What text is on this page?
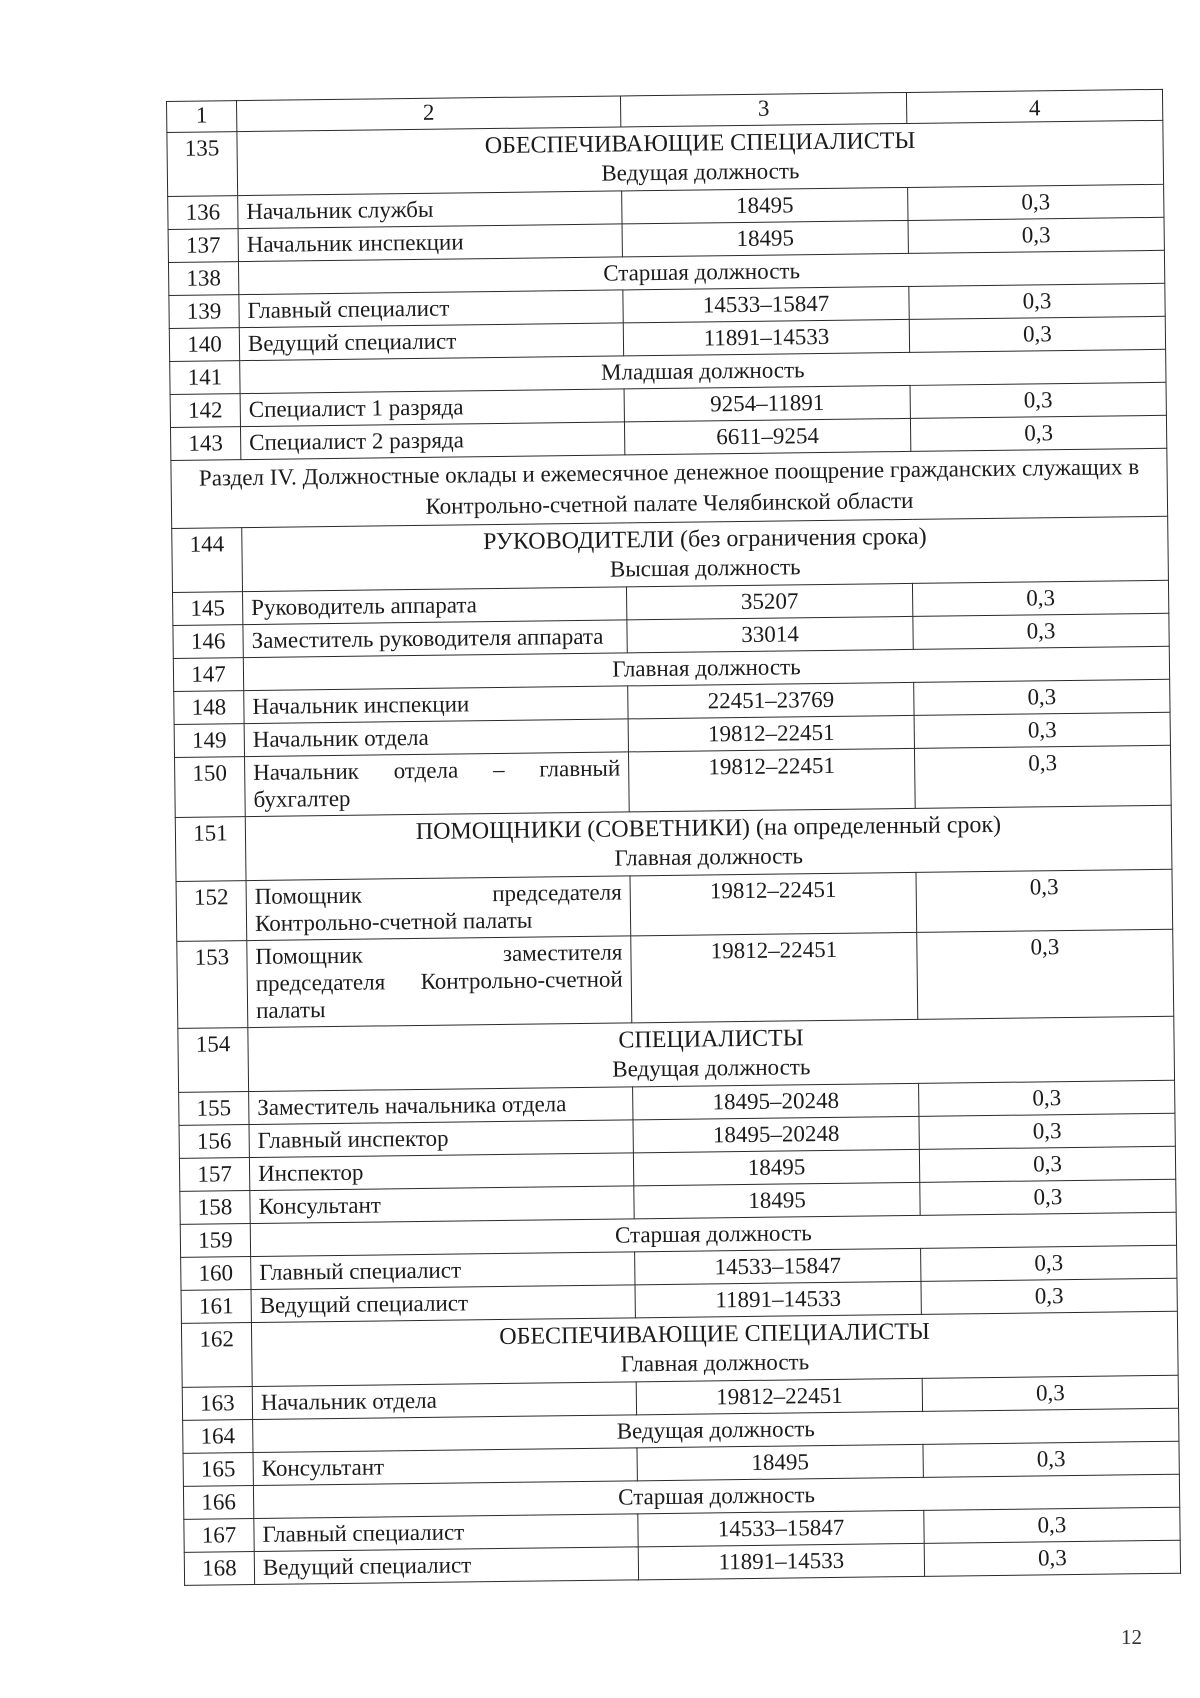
1	2	3	4
135	ОБЕСПЕЧИВАЮЩИЕ СПЕЦИАЛИСТЫ
Ведущая должность		

136	Начальник службы	18495	0,3
137	Начальник инспекции	18495	0,3
138	Старшая должность		
139	Главный специалист	14533–15847	0,3
140	Ведущий специалист	11891–14533	0,3
141	Младшая должность		
142	Специалист 1 разряда	9254–11891	0,3
143	Специалист 2 разряда	6611–9254	0,3
Раздел IV. Должностные оклады и ежемесячное денежное поощрение гражданских служащих в Контрольно-счетной палате Челябинской области			
144	РУКОВОДИТЕЛИ (без ограничения срока)
Высшая должность		

145	Руководитель аппарата	35207	0,3
146	Заместитель руководителя аппарата	33014	0,3
147	Главная должность		
148	Начальник инспекции	22451–23769	0,3
149	Начальник отдела	19812–22451	0,3
150	Начальник отдела – главный бухгалтер	19812–22451	0,3
151	ПОМОЩНИКИ (СОВЕТНИКИ) (на определенный срок)
Главная должность		

152	Помощник председателя Контрольно-счетной палаты	19812–22451	0,3
153	Помощник заместителя председателя Контрольно-счетной палаты	19812–22451	0,3
154	СПЕЦИАЛИСТЫ
Ведущая должность		

155	Заместитель начальника отдела	18495–20248	0,3
156	Главный инспектор	18495–20248	0,3
157	Инспектор	18495	0,3
158	Консультант	18495	0,3
159	Старшая должность		
160	Главный специалист	14533–15847	0,3
161	Ведущий специалист	11891–14533	0,3
162	ОБЕСПЕЧИВАЮЩИЕ СПЕЦИАЛИСТЫ
Главная должность		

163	Начальник отдела	19812–22451	0,3
164	Ведущая должность		
165	Консультант	18495	0,3
166	Старшая должность		
167	Главный специалист	14533–15847	0,3
168	Ведущий специалист	11891–14533	0,3
12
